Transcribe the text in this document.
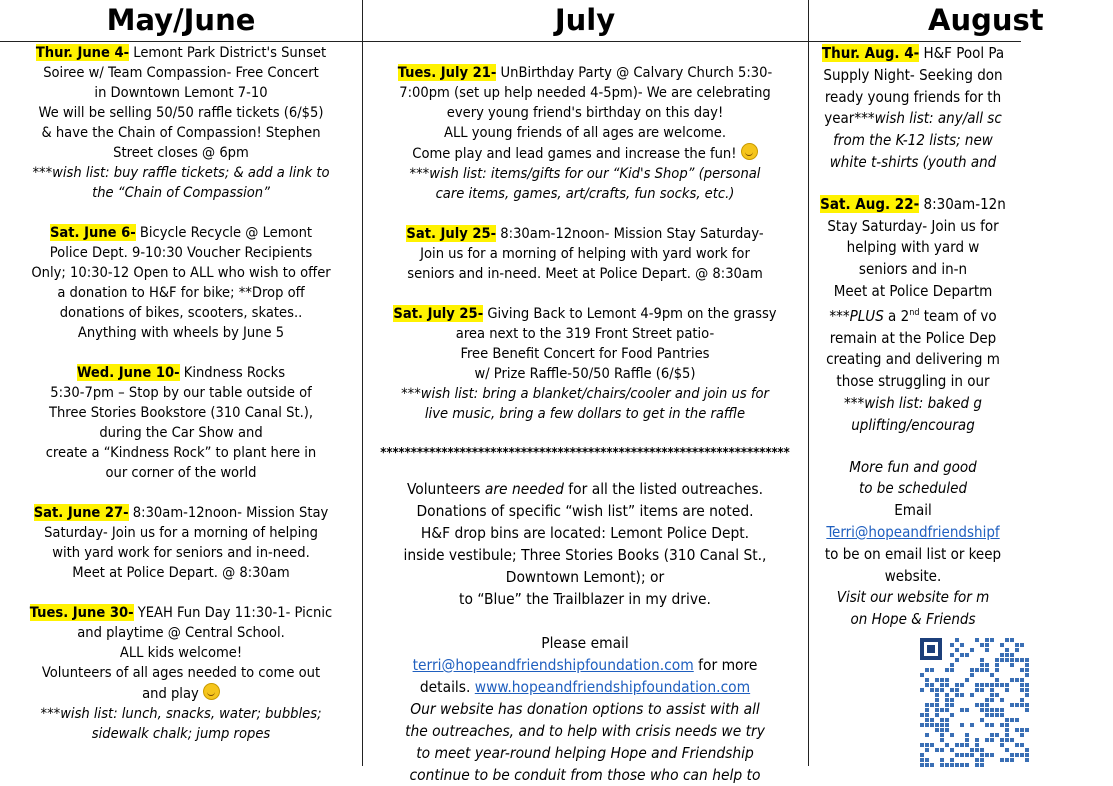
May/June

Thur. June 4- Lemont Park District's Sunset

Soiree w/ Team Compassion- Free Concert

in Downtown Lemont 7-10

We will be selling 50/50 raffle tickets (6/$5)

& have the Chain of Compassion! Stephen

Street closes @ 6pm

***wish list: buy raffle tickets; & add a link to

the “Chain of Compassion”

Sat. June 6- Bicycle Recycle @ Lemont

Police Dept. 9-10:30 Voucher Recipients

Only; 10:30-12 Open to ALL who wish to offer

a donation to H&F for bike; **Drop off

donations of bikes, scooters, skates..

Anything with wheels by June 5

Wed. June 10- Kindness Rocks

5:30-7pm – Stop by our table outside of

Three Stories Bookstore (310 Canal St.),

during the Car Show and

create a “Kindness Rock” to plant here in

our corner of the world

Sat. June 27- 8:30am-12noon- Mission Stay

Saturday- Join us for a morning of helping

with yard work for seniors and in-need.

Meet at Police Depart. @ 8:30am

Tues. June 30- YEAH Fun Day 11:30-1- Picnic

and playtime @ Central School.

ALL kids welcome!

Volunteers of all ages needed to come out

and play

***wish list: lunch, snacks, water; bubbles;

sidewalk chalk; jump ropes

July

Tues. July 21- UnBirthday Party @ Calvary Church 5:30-

7:00pm (set up help needed 4-5pm)- We are celebrating

every young friend's birthday on this day!

ALL young friends of all ages are welcome.

Come play and lead games and increase the fun!

***wish list: items/gifts for our “Kid's Shop” (personal

care items, games, art/crafts, fun socks, etc.)

Sat. July 25- 8:30am-12noon- Mission Stay Saturday-

Join us for a morning of helping with yard work for

seniors and in-need. Meet at Police Depart. @ 8:30am

Sat. July 25- Giving Back to Lemont 4-9pm on the grassy

area next to the 319 Front Street patio-

Free Benefit Concert for Food Pantries

w/ Prize Raffle-50/50 Raffle (6/$5)

***wish list: bring a blanket/chairs/cooler and join us for

live music, bring a few dollars to get in the raffle

*******************************************************************

Volunteers are needed for all the listed outreaches.

Donations of specific “wish list” items are noted.

H&F drop bins are located: Lemont Police Dept.

inside vestibule; Three Stories Books (310 Canal St.,

Downtown Lemont); or

to “Blue” the Trailblazer in my drive.

Please email

terri@hopeandfriendshipfoundation.com for more

details. www.hopeandfriendshipfoundation.com

Our website has donation options to assist with all

the outreaches, and to help with crisis needs we try

to meet year-round helping Hope and Friendship

continue to be conduit from those who can help to

August

Thur. Aug. 4- H&F Pool Pa

Supply Night- Seeking don

ready young friends for th

year***wish list: any/all sc

from the K-12 lists; new

white t-shirts (youth and

Sat. Aug. 22- 8:30am-12n

Stay Saturday- Join us for

helping with yard w

seniors and in-n

Meet at Police Departm

***PLUS a 2nd team of vo

remain at the Police Dep

creating and delivering m

those struggling in our

***wish list: baked g

uplifting/encourag

More fun and good

to be scheduled

Email

Terri@hopeandfriendshipf

to be on email list or keep

website.

Visit our website for m

on Hope & Friends
